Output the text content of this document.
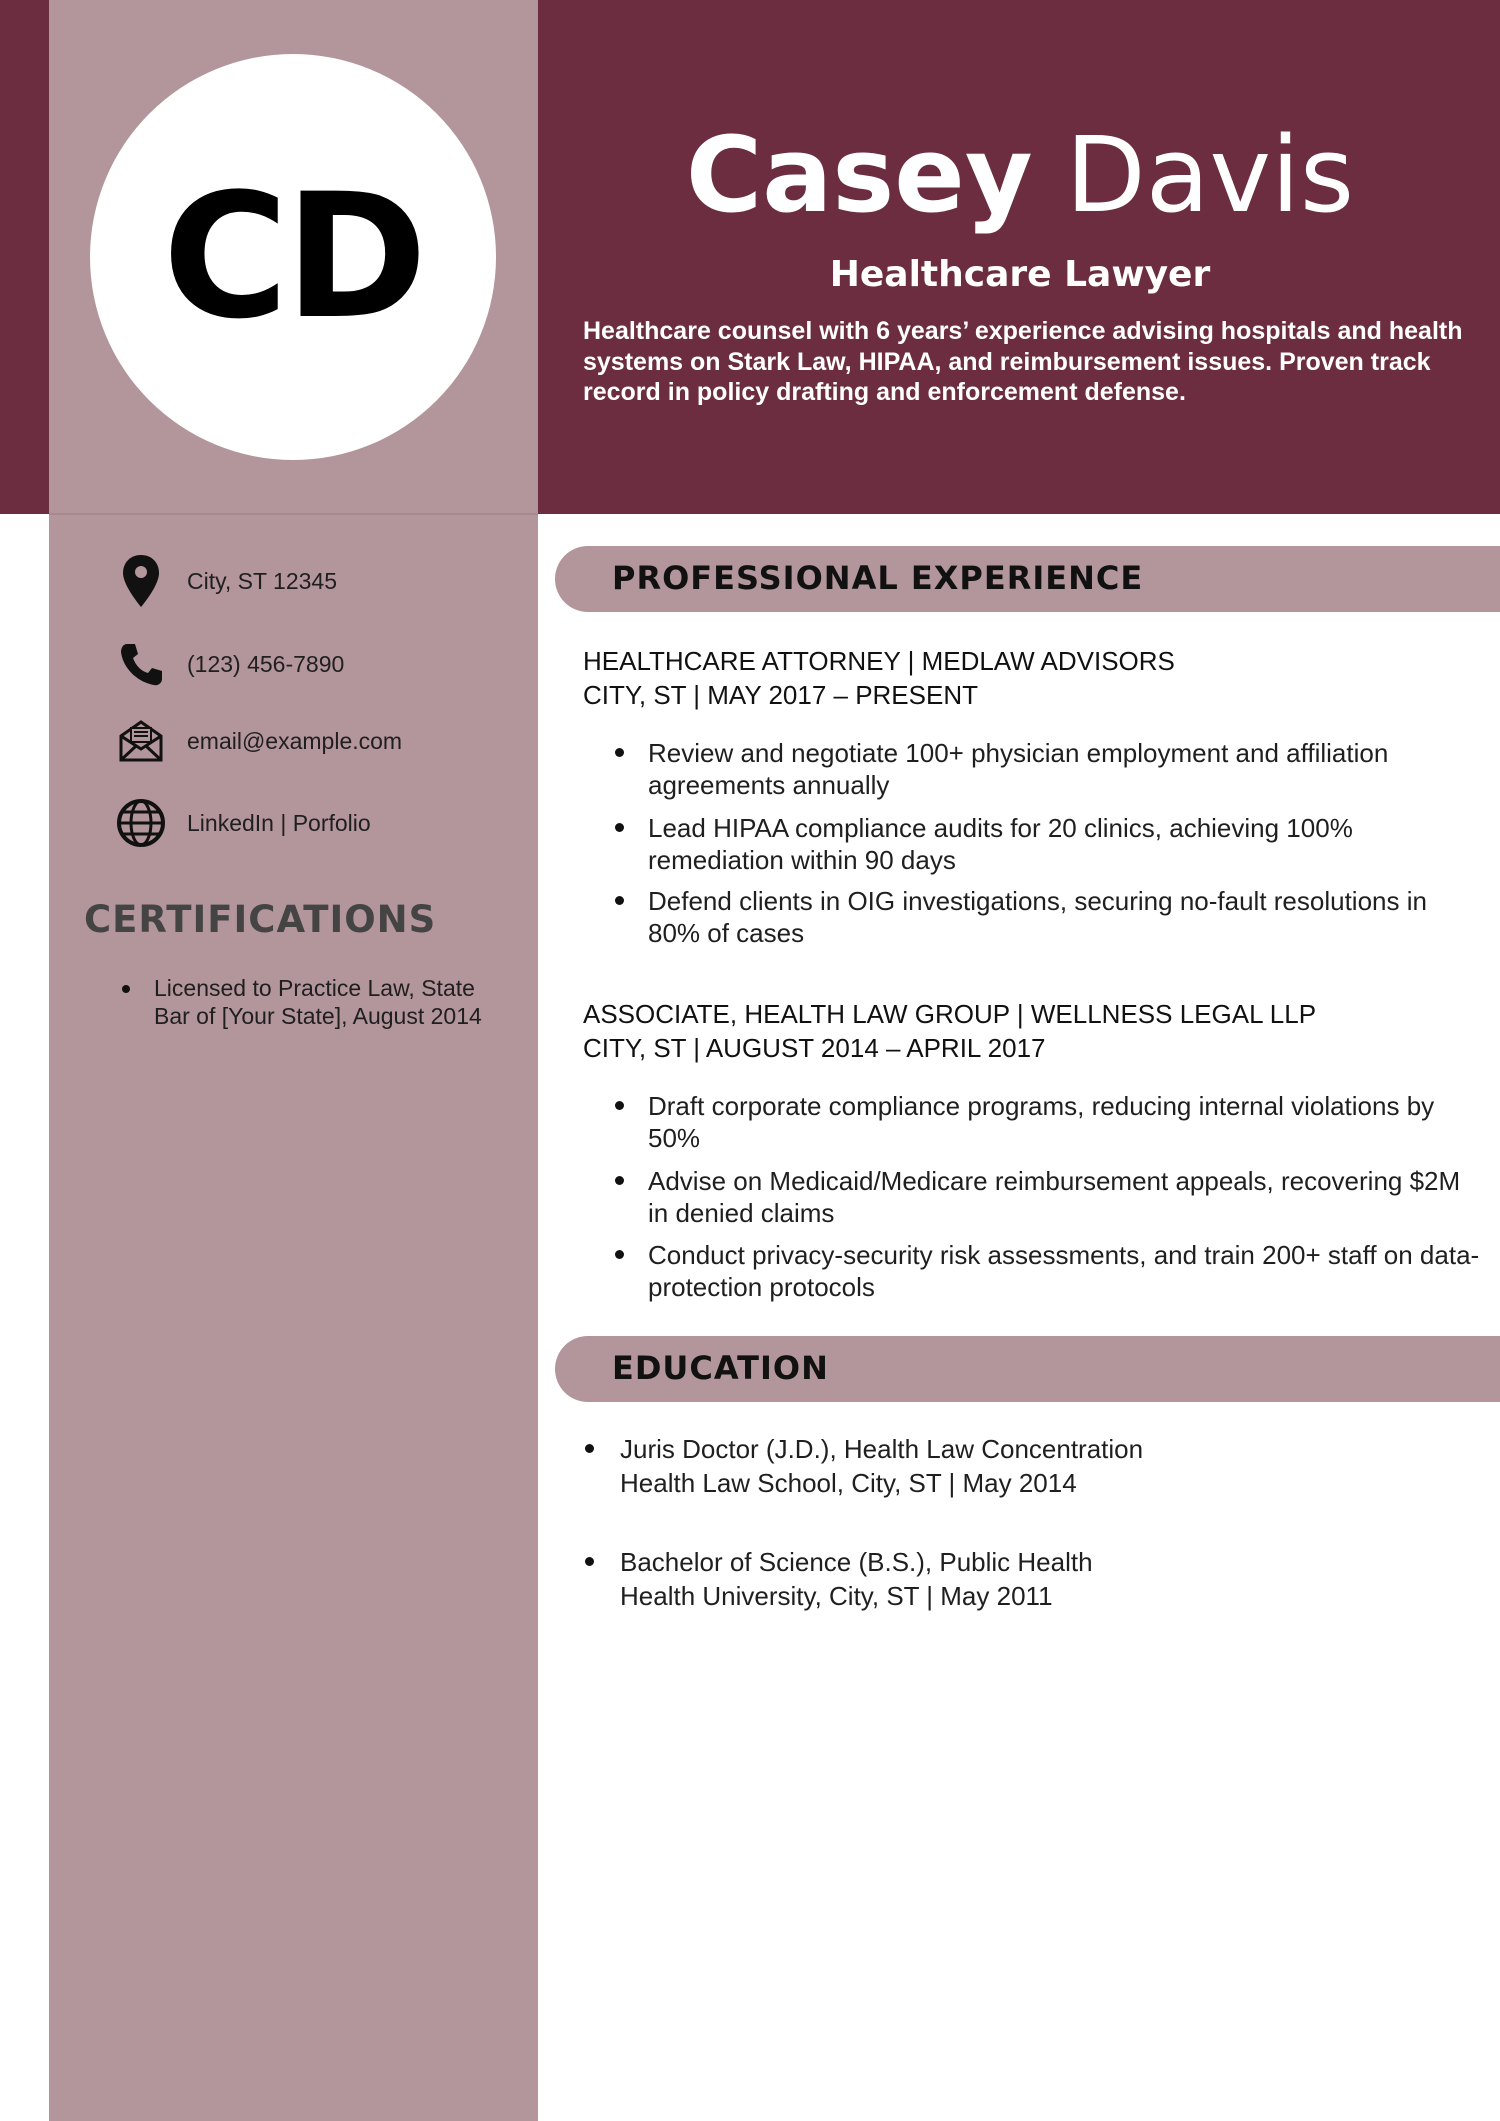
CD	Casey Davis
Healthcare Lawyer
Healthcare counsel with 6 years’ experience advising hospitals and health systems on Stark Law, HIPAA, and reimbursement issues. Proven track record in policy drafting and enforcement defense.
City, ST 12345
(123) 456-7890
email@example.com
LinkedIn | Porfolio
CERTIFICATIONS
Licensed to Practice Law, State Bar of [Your State], August 2014
PROFESSIONAL EXPERIENCE
HEALTHCARE ATTORNEY | MEDLAW ADVISORS
CITY, ST | MAY 2017 – PRESENT
Review and negotiate 100+ physician employment and affiliation agreements annually
Lead HIPAA compliance audits for 20 clinics, achieving 100% remediation within 90 days
Defend clients in OIG investigations, securing no-fault resolutions in 80% of cases
ASSOCIATE, HEALTH LAW GROUP | WELLNESS LEGAL LLP
CITY, ST | AUGUST 2014 – APRIL 2017
Draft corporate compliance programs, reducing internal violations by 50%
Advise on Medicaid/Medicare reimbursement appeals, recovering $2M in denied claims
Conduct privacy-security risk assessments, and train 200+ staff on data-protection protocols
EDUCATION
Juris Doctor (J.D.), Health Law Concentration
Health Law School, City, ST | May 2014
Bachelor of Science (B.S.), Public Health
Health University, City, ST | May 2011
